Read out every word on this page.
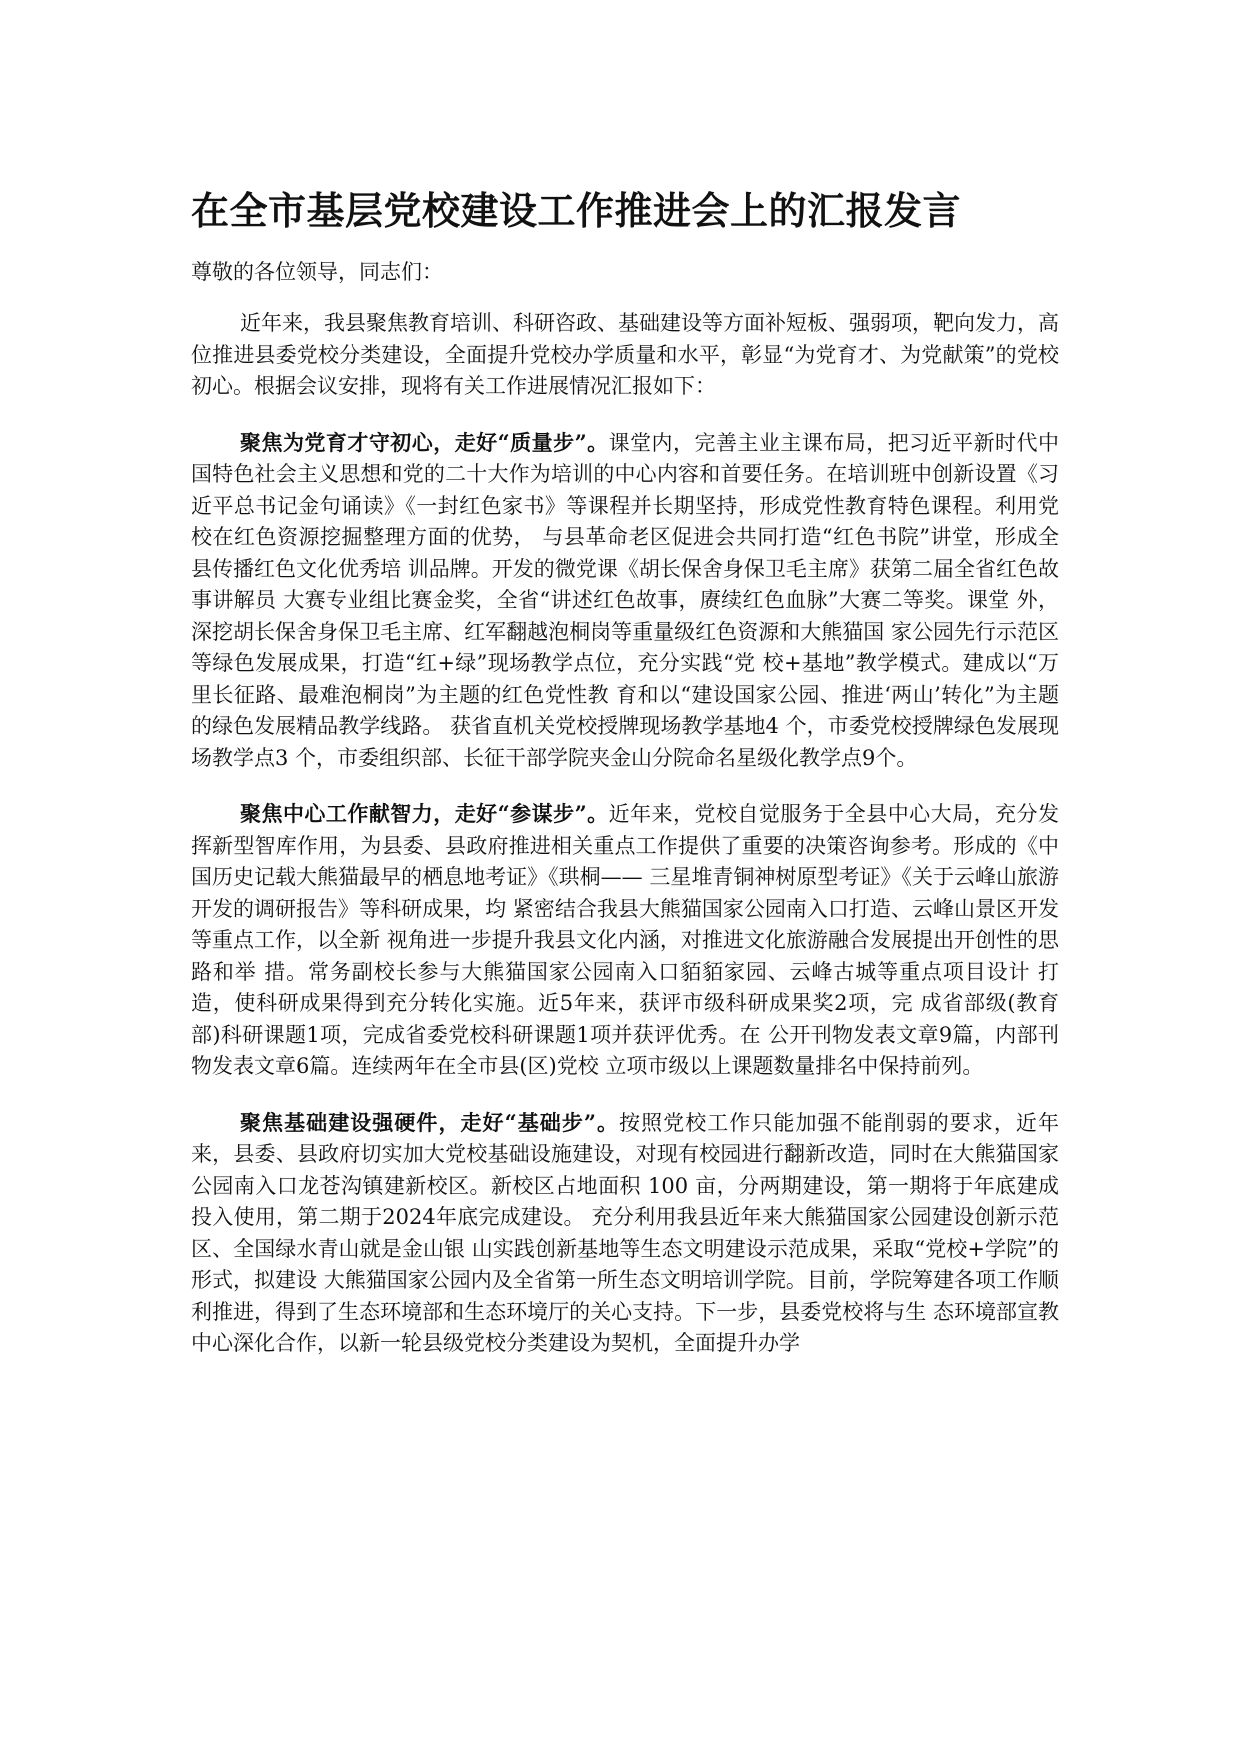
在全市基层党校建设工作推进会上的汇报发言

尊敬的各位领导，同志们：

近年来，我县聚焦教育培训、科研咨政、基础建设等方面补短板、强弱项，靶向发力，高位推进县委党校分类建设，全面提升党校办学质量和水平，彰显“为党育才、为党献策”的党校初心。根据会议安排，现将有关工作进展情况汇报如下：

聚焦为党育才守初心，走好“质量步”。课堂内，完善主业主课布局，把习近平新时代中国特色社会主义思想和党的二十大作为培训的中心内容和首要任务。在培训班中创新设置《习近平总书记金句诵读》《一封红色家书》等课程并长期坚持，形成党性教育特色课程。利用党校在红色资源挖掘整理方面的优势， 与县革命老区促进会共同打造“红色书院”讲堂，形成全县传播红色文化优秀培 训品牌。开发的微党课《胡长保舍身保卫毛主席》获第二届全省红色故事讲解员 大赛专业组比赛金奖，全省“讲述红色故事，赓续红色血脉”大赛二等奖。课堂 外，深挖胡长保舍身保卫毛主席、红军翻越泡桐岗等重量级红色资源和大熊猫国 家公园先行示范区等绿色发展成果，打造“红+绿”现场教学点位，充分实践“党 校+基地”教学模式。建成以“万里长征路、最难泡桐岗”为主题的红色党性教 育和以“建设国家公园、推进‘两山’转化”为主题的绿色发展精品教学线路。 获省直机关党校授牌现场教学基地4 个，市委党校授牌绿色发展现场教学点3 个，市委组织部、长征干部学院夹金山分院命名星级化教学点9个。

聚焦中心工作献智力，走好“参谋步”。近年来，党校自觉服务于全县中心大局，充分发挥新型智库作用，为县委、县政府推进相关重点工作提供了重要的决策咨询参考。形成的《中国历史记载大熊猫最早的栖息地考证》《珙桐—— 三星堆青铜神树原型考证》《关于云峰山旅游开发的调研报告》等科研成果，均 紧密结合我县大熊猫国家公园南入口打造、云峰山景区开发等重点工作，以全新 视角进一步提升我县文化内涵，对推进文化旅游融合发展提出开创性的思路和举 措。常务副校长参与大熊猫国家公园南入口貊貊家园、云峰古城等重点项目设计 打造，使科研成果得到充分转化实施。近5年来，获评市级科研成果奖2项，完 成省部级(教育部)科研课题1项，完成省委党校科研课题1项并获评优秀。在 公开刊物发表文章9篇，内部刊物发表文章6篇。连续两年在全市县(区)党校 立项市级以上课题数量排名中保持前列。

聚焦基础建设强硬件，走好“基础步”。按照党校工作只能加强不能削弱的要求，近年来，县委、县政府切实加大党校基础设施建设，对现有校园进行翻新改造，同时在大熊猫国家公园南入口龙苍沟镇建新校区。新校区占地面积 100 亩，分两期建设，第一期将于年底建成投入使用，第二期于2024年底完成建设。 充分利用我县近年来大熊猫国家公园建设创新示范区、全国绿水青山就是金山银 山实践创新基地等生态文明建设示范成果，采取“党校+学院”的形式，拟建设 大熊猫国家公园内及全省第一所生态文明培训学院。目前，学院筹建各项工作顺 利推进，得到了生态环境部和生态环境厅的关心支持。下一步，县委党校将与生 态环境部宣教中心深化合作，以新一轮县级党校分类建设为契机，全面提升办学
